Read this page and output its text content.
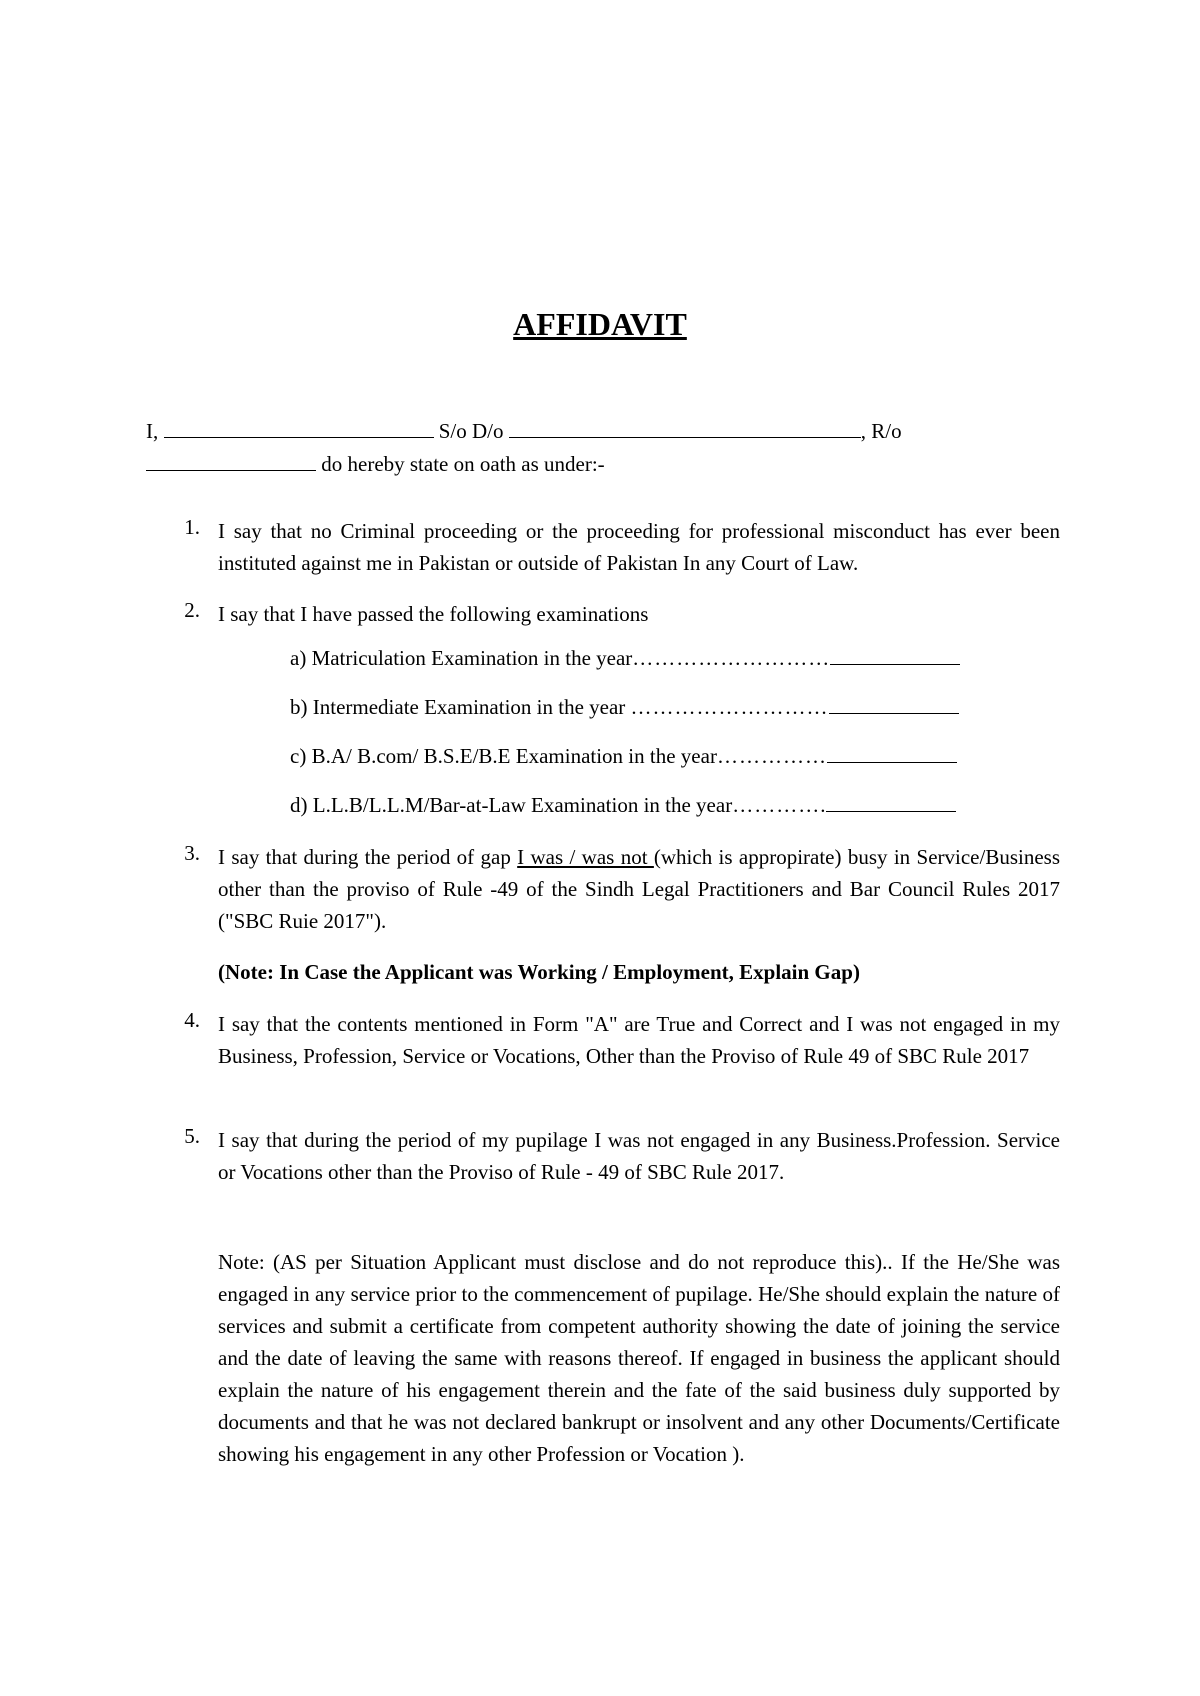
AFFIDAVIT
I,	S/o D/o	, R/o
do hereby state on oath as under:-
1. I say that no Criminal proceeding or the proceeding for professional misconduct has ever been instituted against me in Pakistan or outside of Pakistan In any Court of Law.
2. I say that I have passed the following examinations
a) Matriculation Examination in the year………………………
b) Intermediate Examination in the year ………………………
c) B.A/ B.com/ B.S.E/B.E Examination in the year……………
d) L.L.B/L.L.M/Bar-at-Law Examination in the year………….
3. I say that during the period of gap I was / was not (which is appropirate) busy in Service/Business other than the proviso of Rule -49 of the Sindh Legal Practitioners and Bar Council Rules 2017 ("SBC Ruie 2017").
(Note: In Case the Applicant was Working / Employment, Explain Gap)
4. I say that the contents mentioned in Form "A" are True and Correct and I was not engaged in my Business, Profession, Service or Vocations, Other than the Proviso of Rule 49 of SBC Rule 2017
5. I say that during the period of my pupilage I was not engaged in any Business.Profession. Service or Vocations other than the Proviso of Rule - 49 of SBC Rule 2017.
Note: (AS per Situation Applicant must disclose and do not reproduce this).. If the He/She was engaged in any service prior to the commencement of pupilage. He/She should explain the nature of services and submit a certificate from competent authority showing the date of joining the service and the date of leaving the same with reasons thereof. If engaged in business the applicant should explain the nature of his engagement therein and the fate of the said business duly supported by documents and that he was not declared bankrupt or insolvent and any other Documents/Certificate showing his engagement in any other Profession or Vocation ).
